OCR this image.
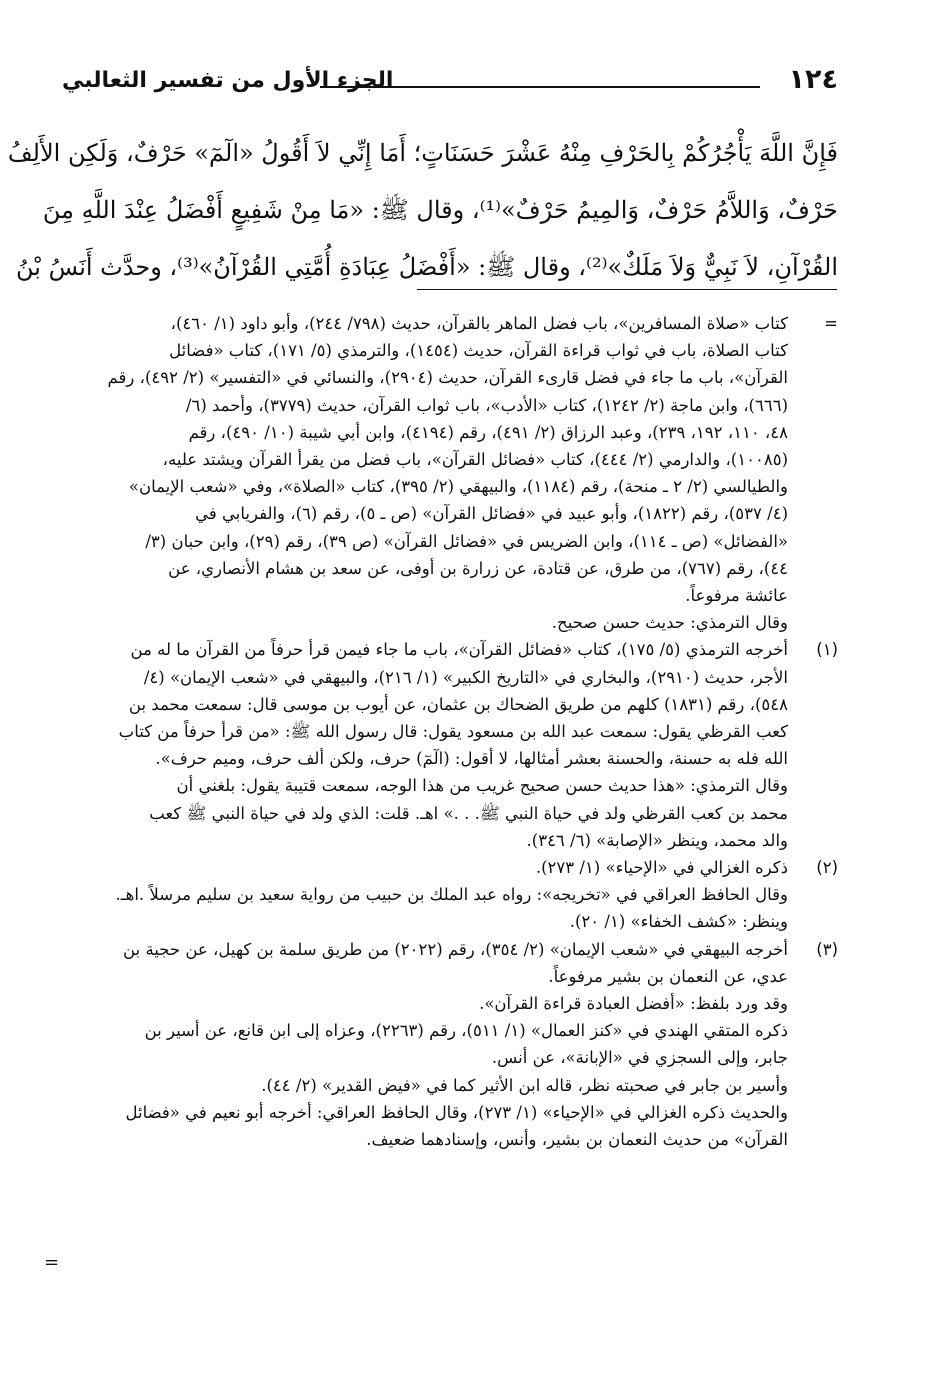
١٢٤
الجزء الأول من تفسير الثعالبي
فَإِنَّ اللَّهَ يَأْجُرُكُمْ بِالحَرْفِ مِنْهُ عَشْرَ حَسَنَاتٍ؛ أَمَا إِنِّي لاَ أَقُولُ «الٓمٓ» حَرْفٌ، وَلَكِن الأَلِفُ
حَرْفٌ، وَاللاَّمُ حَرْفٌ، وَالمِيمُ حَرْفٌ»⁽¹⁾، وقال ﷺ: «مَا مِنْ شَفِيعٍ أَفْضَلُ عِنْدَ اللَّهِ مِنَ
القُرْآنِ، لاَ نَبِيٌّ وَلاَ مَلَكٌ»⁽²⁾، وقال ﷺ: «أَفْضَلُ عِبَادَةِ أُمَّتِي القُرْآنُ»⁽³⁾، وحدَّث أَنَسُ بْنُ
=
كتاب «صلاة المسافرين»، باب فضل الماهر بالقرآن، حديث (٧٩٨/ ٢٤٤)، وأبو داود (١/ ٤٦٠)،
كتاب الصلاة، باب في ثواب قراءة القرآن، حديث (١٤٥٤)، والترمذي (٥/ ١٧١)، كتاب «فضائل
القرآن»، باب ما جاء في فضل قارىء القرآن، حديث (٢٩٠٤)، والنسائي في «التفسير» (٢/ ٤٩٢)، رقم
(٦٦٦)، وابن ماجة (٢/ ١٢٤٢)، كتاب «الأدب»، باب ثواب القرآن، حديث (٣٧٧٩)، وأحمد (٦/
٤٨، ١١٠، ١٩٢، ٢٣٩)، وعبد الرزاق (٢/ ٤٩١)، رقم (٤١٩٤)، وابن أبي شيبة (١٠/ ٤٩٠)، رقم
(١٠٠٨٥)، والدارمي (٢/ ٤٤٤)، كتاب «فضائل القرآن»، باب فضل من يقرأ القرآن ويشتد عليه،
والطيالسي (٢/ ٢ ـ منحة)، رقم (١١٨٤)، والبيهقي (٢/ ٣٩٥)، كتاب «الصلاة»، وفي «شعب الإيمان»
(٤/ ٥٣٧)، رقم (١٨٢٢)، وأبو عبيد في «فضائل القرآن» (ص ـ ٥)، رقم (٦)، والفريابي في
«الفضائل» (ص ـ ١١٤)، وابن الضريس في «فضائل القرآن» (ص ٣٩)، رقم (٢٩)، وابن حبان (٣/
٤٤)، رقم (٧٦٧)، من طرق، عن قتادة، عن زرارة بن أوفى، عن سعد بن هشام الأنصاري، عن
عائشة مرفوعاً.
وقال الترمذي: حديث حسن صحيح.
(١)
أخرجه الترمذي (٥/ ١٧٥)، كتاب «فضائل القرآن»، باب ما جاء فيمن قرأ حرفاً من القرآن ما له من
الأجر، حديث (٢٩١٠)، والبخاري في «التاريخ الكبير» (١/ ٢١٦)، والبيهقي في «شعب الإيمان» (٤/
٥٤٨)، رقم (١٨٣١) كلهم من طريق الضحاك بن عثمان، عن أيوب بن موسى قال: سمعت محمد بن
كعب القرظي يقول: سمعت عبد الله بن مسعود يقول: قال رسول الله ﷺ: «من قرأ حرفاً من كتاب
الله فله به حسنة، والحسنة بعشر أمثالها، لا أقول: (الٓمٓ) حرف، ولكن ألف حرف، وميم حرف».
وقال الترمذي: «هذا حديث حسن صحيح غريب من هذا الوجه، سمعت قتيبة يقول: بلغني أن
محمد بن كعب القرظي ولد في حياة النبي ﷺ. . .» اهـ. قلت: الذي ولد في حياة النبي ﷺ كعب
والد محمد، وينظر «الإصابة» (٦/ ٣٤٦).
(٢)
ذكره الغزالي في «الإحياء» (١/ ٢٧٣).
وقال الحافظ العراقي في «تخريجه»: رواه عبد الملك بن حبيب من رواية سعيد بن سليم مرسلاً .اهـ.
وينظر: «كشف الخفاء» (١/ ٢٠).
(٣)
أخرجه البيهقي في «شعب الإيمان» (٢/ ٣٥٤)، رقم (٢٠٢٢) من طريق سلمة بن كهيل، عن حجية بن
عدي، عن النعمان بن بشير مرفوعاً.
وقد ورد بلفظ: «أفضل العبادة قراءة القرآن».
ذكره المتقي الهندي في «كنز العمال» (١/ ٥١١)، رقم (٢٢٦٣)، وعزاه إلى ابن قانع، عن أسير بن
جابر، وإلى السجزي في «الإبانة»، عن أنس.
وأسير بن جابر في صحبته نظر، قاله ابن الأثير كما في «فيض القدير» (٢/ ٤٤).
والحديث ذكره الغزالي في «الإحياء» (١/ ٢٧٣)، وقال الحافظ العراقي: أخرجه أبو نعيم في «فضائل
القرآن» من حديث النعمان بن بشير، وأنس، وإسنادهما ضعيف.
=
